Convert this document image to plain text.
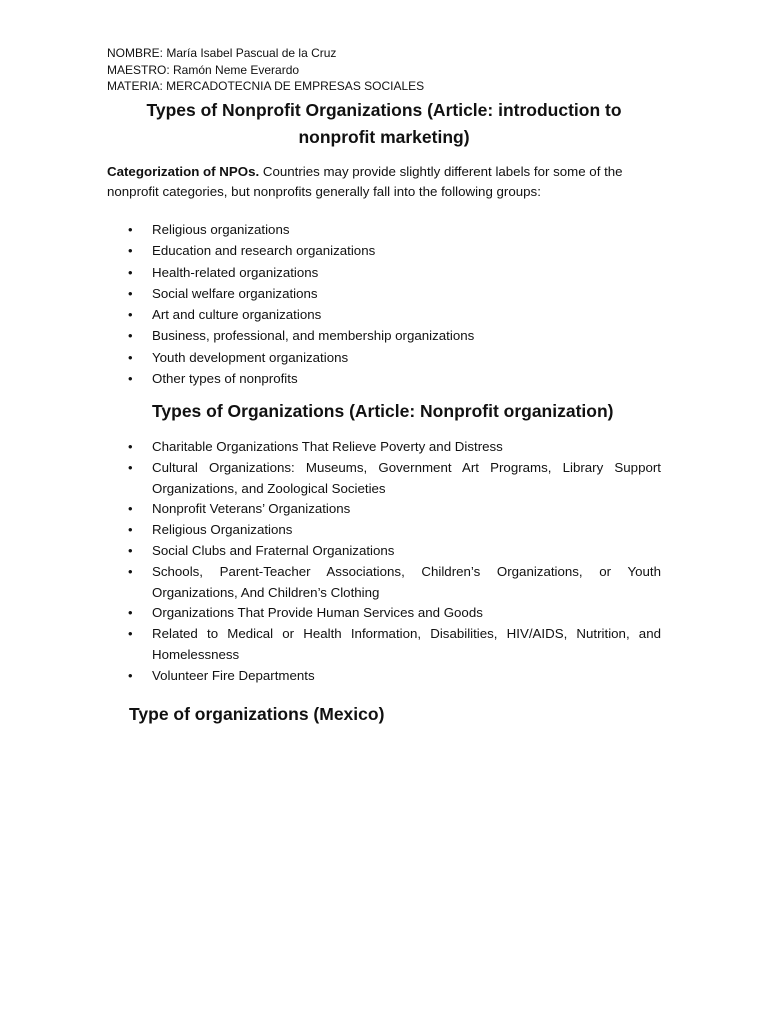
NOMBRE: María Isabel Pascual de la Cruz
MAESTRO: Ramón Neme Everardo
MATERIA: MERCADOTECNIA DE EMPRESAS SOCIALES
Types of Nonprofit Organizations (Article: introduction to nonprofit marketing)
Categorization of NPOs. Countries may provide slightly different labels for some of the nonprofit categories, but nonprofits generally fall into the following groups:
• Religious organizations
• Education and research organizations
• Health-related organizations
• Social welfare organizations
• Art and culture organizations
• Business, professional, and membership organizations
• Youth development organizations
• Other types of nonprofits
Types of Organizations (Article: Nonprofit organization)
• Charitable Organizations That Relieve Poverty and Distress
• Cultural Organizations: Museums, Government Art Programs, Library Support Organizations, and Zoological Societies
• Nonprofit Veterans’ Organizations
• Religious Organizations
• Social Clubs and Fraternal Organizations
• Schools, Parent-Teacher Associations, Children’s Organizations, or Youth Organizations, And Children’s Clothing
• Organizations That Provide Human Services and Goods
• Related to Medical or Health Information, Disabilities, HIV/AIDS, Nutrition, and Homelessness
• Volunteer Fire Departments
Type of organizations (Mexico)
